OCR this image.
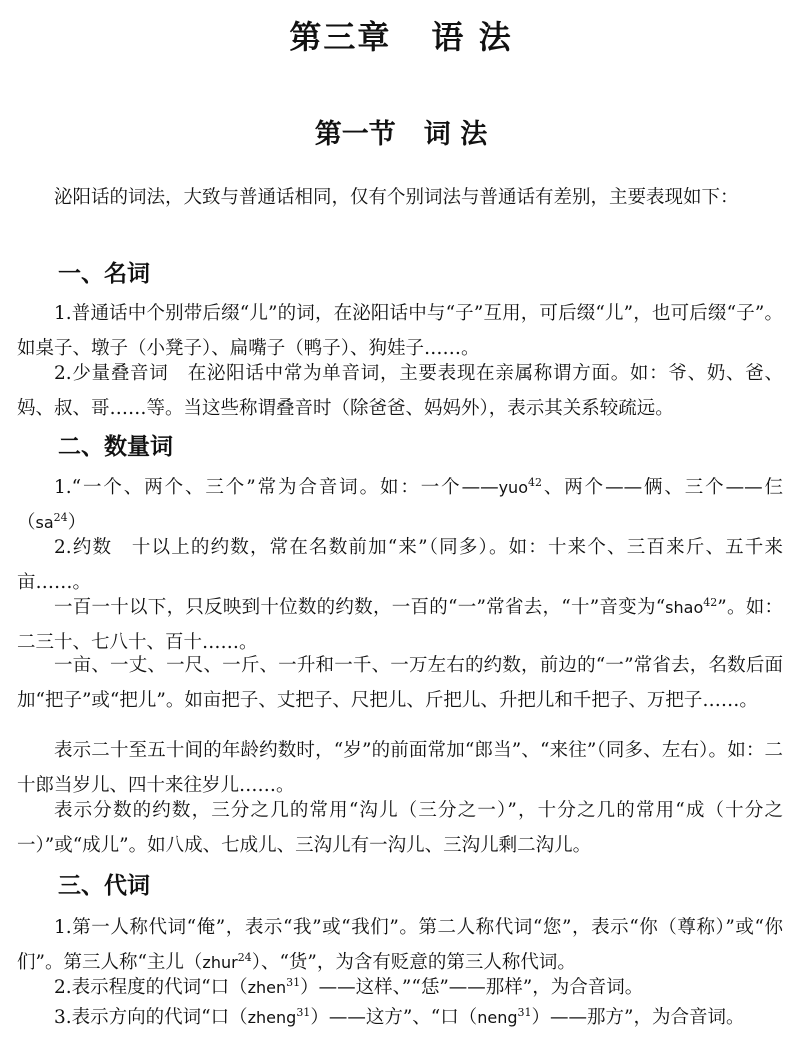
第三章 语 法
第一节 词 法

泌阳话的词法，大致与普通话相同，仅有个别词法与普通话有差别，主要表现如下：

一、名词

1.普通话中个别带后缀“儿”的词，在泌阳话中与“子”互用，可后缀“儿”，也可后缀“子”。如桌子、墩子（小凳子）、扁嘴子（鸭子）、狗娃子……。

2.少量叠音词　在泌阳话中常为单音词，主要表现在亲属称谓方面。如：爷、奶、爸、妈、叔、哥……等。当这些称谓叠音时（除爸爸、妈妈外），表示其关系较疏远。

二、数量词

1.“一个、两个、三个”常为合音词。如：一个——yuo$^{42}$、两个——俩、三个——仨$(sa^{24})$

2.约数　十以上的约数，常在名数前加“来”（同多）。如：十来个、三百来斤、五千来亩……。

一百一十以下，只反映到十位数的约数，一百的“一”常省去，“十”音变为“shao$^{42}$”。如：二三十、七八十、百十……。

一亩、一丈、一尺、一斤、一升和一千、一万左右的约数，前边的“一”常省去，名数后面加“把子”或“把儿”。如亩把子、丈把子、尺把儿、斤把儿、升把儿和千把子、万把子……。

表示二十至五十间的年龄约数时，“岁”的前面常加“郎当”、“来往”（同多、左右）。如：二十郎当岁儿、四十来往岁儿……。

表示分数的约数，三分之几的常用“沟儿（三分之一）”，十分之几的常用“成（十分之一）”或“成儿”。如八成、七成儿、三沟儿有一沟儿、三沟儿剩二沟儿。

三、代词

1.第一人称代词“俺”，表示“我”或“我们”。第二人称代词“您”，表示“你（尊称）”或“你们”。第三人称“主儿（zhur$^{24}$）、“货”，为含有贬意的第三人称代词。

2.表示程度的代词“口（zhen$^{31}$）——这样、”“恁”——那样”，为合音词。

3.表示方向的代词“口（zheng$^{31}$）——这方”、“口（neng$^{31}$）——那方”，为合音词。
